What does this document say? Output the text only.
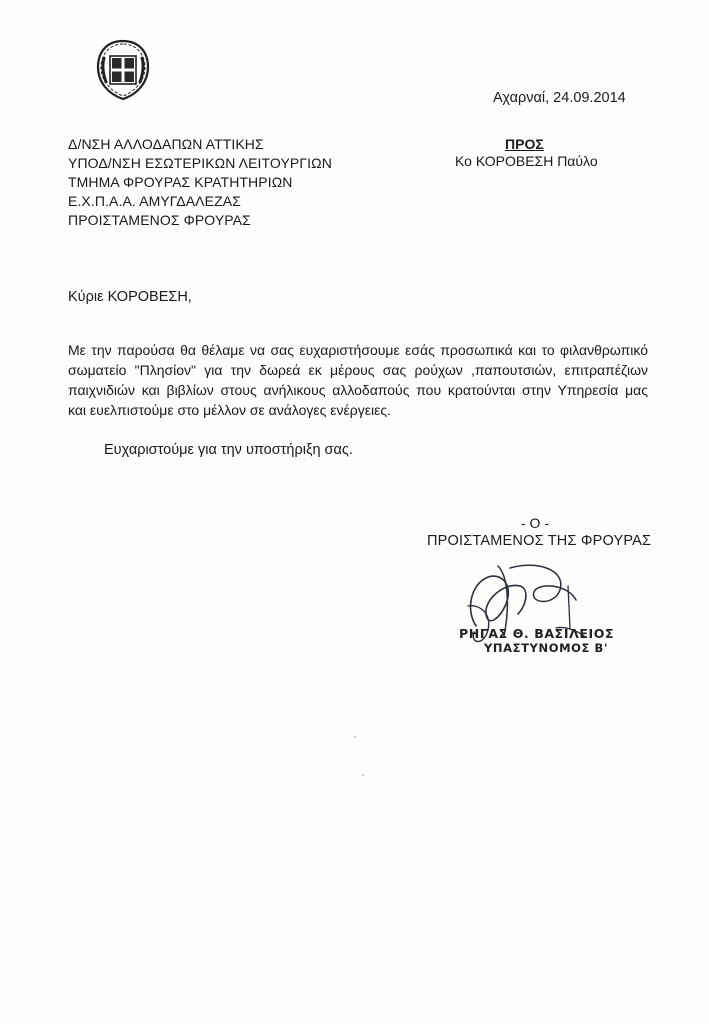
Αχαρναί, 24.09.2014
Δ/ΝΣΗ ΑΛΛΟΔΑΠΩΝ ΑΤΤΙΚΗΣ
ΥΠΟΔ/ΝΣΗ ΕΣΩΤΕΡΙΚΩΝ ΛΕΙΤΟΥΡΓΙΩΝ
ΤΜΗΜΑ ΦΡΟΥΡΑΣ ΚΡΑΤΗΤΗΡΙΩΝ
Ε.Χ.Π.Α.Α. ΑΜΥΓΔΑΛΕΖΑΣ
ΠΡΟΙΣΤΑΜΕΝΟΣ ΦΡΟΥΡΑΣ
ΠΡΟΣ
Κο ΚΟΡΟΒΕΣΗ Παύλο
Κύριε ΚΟΡΟΒΕΣΗ,

Με την παρούσα θα θέλαμε να σας ευχαριστήσουμε εσάς προσωπικά και το φιλανθρωπικό

σωματείο "Πλησίον" για την δωρεά εκ μέρους σας ρούχων ,παπουτσιών, επιτραπέζιων

παιχνιδιών και βιβλίων στους ανήλικους αλλοδαπούς που κρατούνται στην Υπηρεσία μας

και ευελπιστούμε στο μέλλον σε ανάλογες ενέργειες.

Ευχαριστούμε για την υποστήριξη σας.
- Ο -
ΠΡΟΙΣΤΑΜΕΝΟΣ ΤΗΣ ΦΡΟΥΡΑΣ
ΡΗΓΑΣ Θ. ΒΑΣΙΛΕΙΟΣ
ΥΠΑΣΤΥΝΟΜΟΣ Β'
